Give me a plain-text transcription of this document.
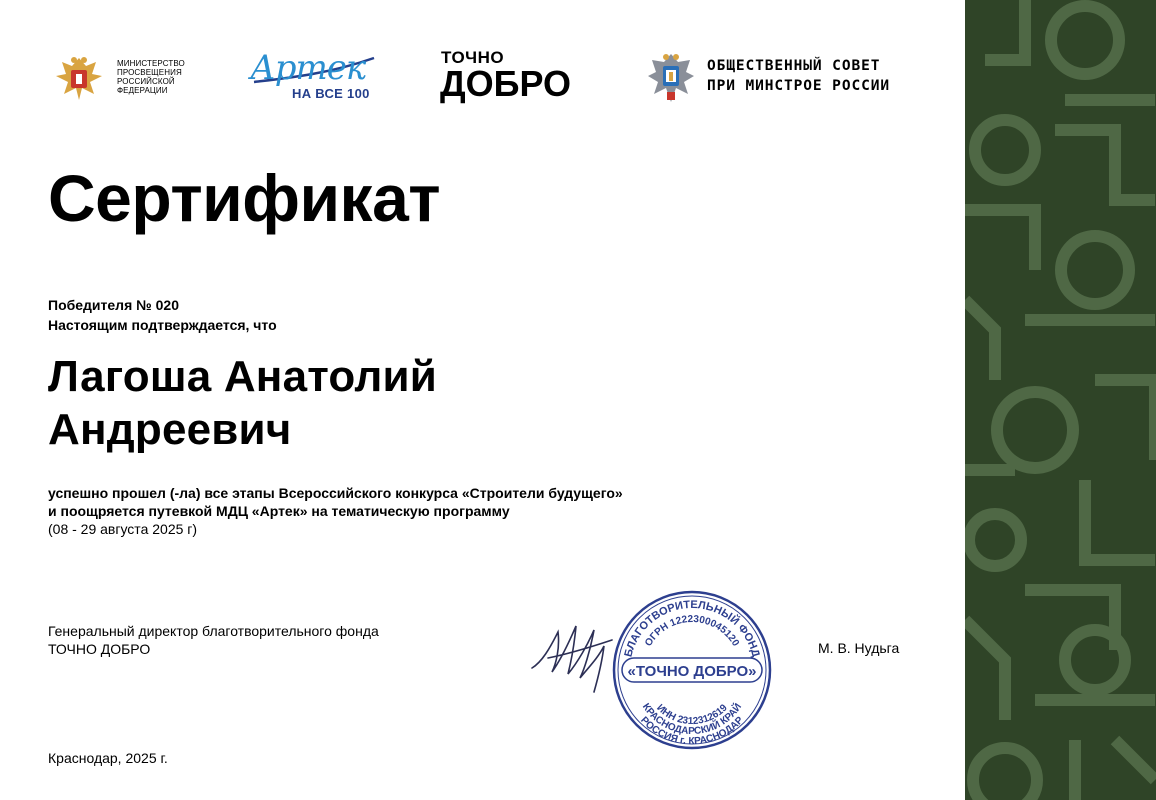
МИНИСТЕРСТВО
ПРОСВЕЩЕНИЯ
РОССИЙСКОЙ
ФЕДЕРАЦИИ
Артек
НА ВСЕ 100
ТОЧНО
ДОБРО	ОБЩЕСТВЕННЫЙ СОВЕТ
ПРИ МИНСТРОЕ РОССИИ
Сертификат
Победителя № 020
Настоящим подтверждается, что
Лагоша Анатолий
Андреевич
успешно прошел (-ла) все этапы Всероссийского конкурса «Строители будущего»
и поощряется путевкой МДЦ «Артек» на тематическую программу
(08 - 29 августа 2025 г)
Генеральный директор благотворительного фонда
ТОЧНО ДОБРО	БЛАГОТВОРИТЕЛЬНЫЙ ФОНД
ОГРН 1222300045120
ИНН 2312312619
КРАСНОДАРСКИЙ КРАЙ
РОССИЯ г. КРАСНОДАР
«ТОЧНО ДОБРО»
М. В. Нудьга
Краснодар, 2025 г.
